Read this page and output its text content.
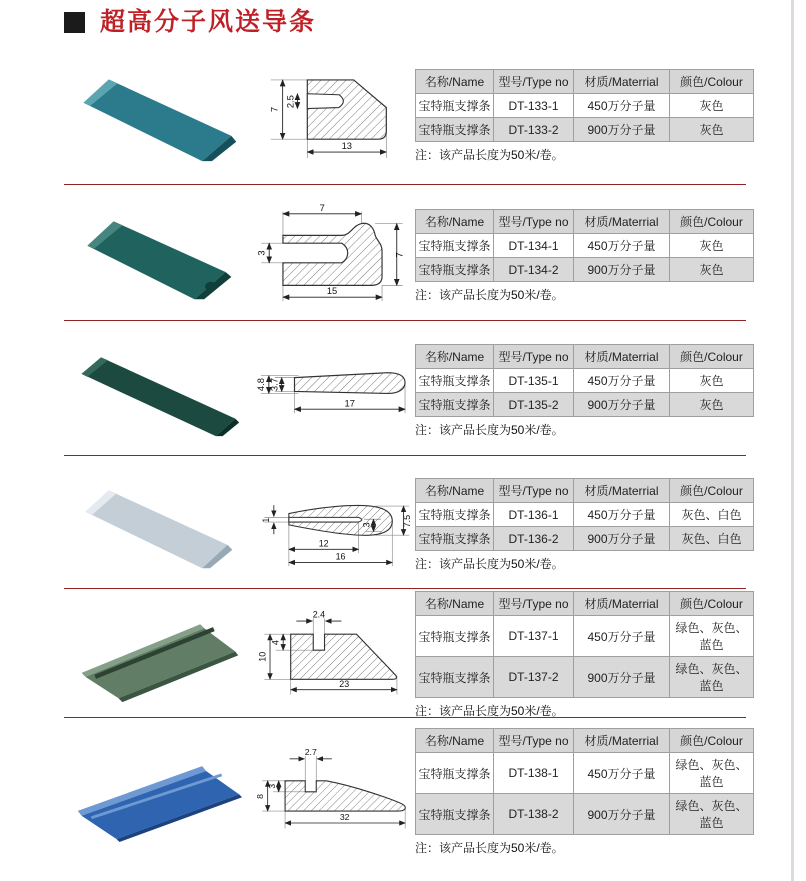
超高分子风送导条
7
2.5
13
名称/Name	型号/Type no	材质/Materrial	颜色/Colour
宝特瓶支撑条	DT-133-1	450万分子量	灰色
宝特瓶支撑条	DT-133-2	900万分子量	灰色
注：该产品长度为50米/卷。
7
3	7
15
名称/Name	型号/Type no	材质/Materrial	颜色/Colour
宝特瓶支撑条	DT-134-1	450万分子量	灰色
宝特瓶支撑条	DT-134-2	900万分子量	灰色
注：该产品长度为50米/卷。
4.8 3.7
17
名称/Name	型号/Type no	材质/Materrial	颜色/Colour
宝特瓶支撑条	DT-135-1	450万分子量	灰色
宝特瓶支撑条	DT-135-2	900万分子量	灰色
注：该产品长度为50米/卷。
1
3	7.5
12
16
名称/Name	型号/Type no	材质/Materrial	颜色/Colour
宝特瓶支撑条	DT-136-1	450万分子量	灰色、白色
宝特瓶支撑条	DT-136-2	900万分子量	灰色、白色
注：该产品长度为50米/卷。
2.4
4
10
23
名称/Name	型号/Type no	材质/Materrial	颜色/Colour
宝特瓶支撑条	DT-137-1	450万分子量	绿色、灰色、蓝色
宝特瓶支撑条	DT-137-2	900万分子量	绿色、灰色、蓝色
注：该产品长度为50米/卷。
2.7
3
8
32
名称/Name	型号/Type no	材质/Materrial	颜色/Colour
宝特瓶支撑条	DT-138-1	450万分子量	绿色、灰色、蓝色
宝特瓶支撑条	DT-138-2	900万分子量	绿色、灰色、蓝色
注：该产品长度为50米/卷。
